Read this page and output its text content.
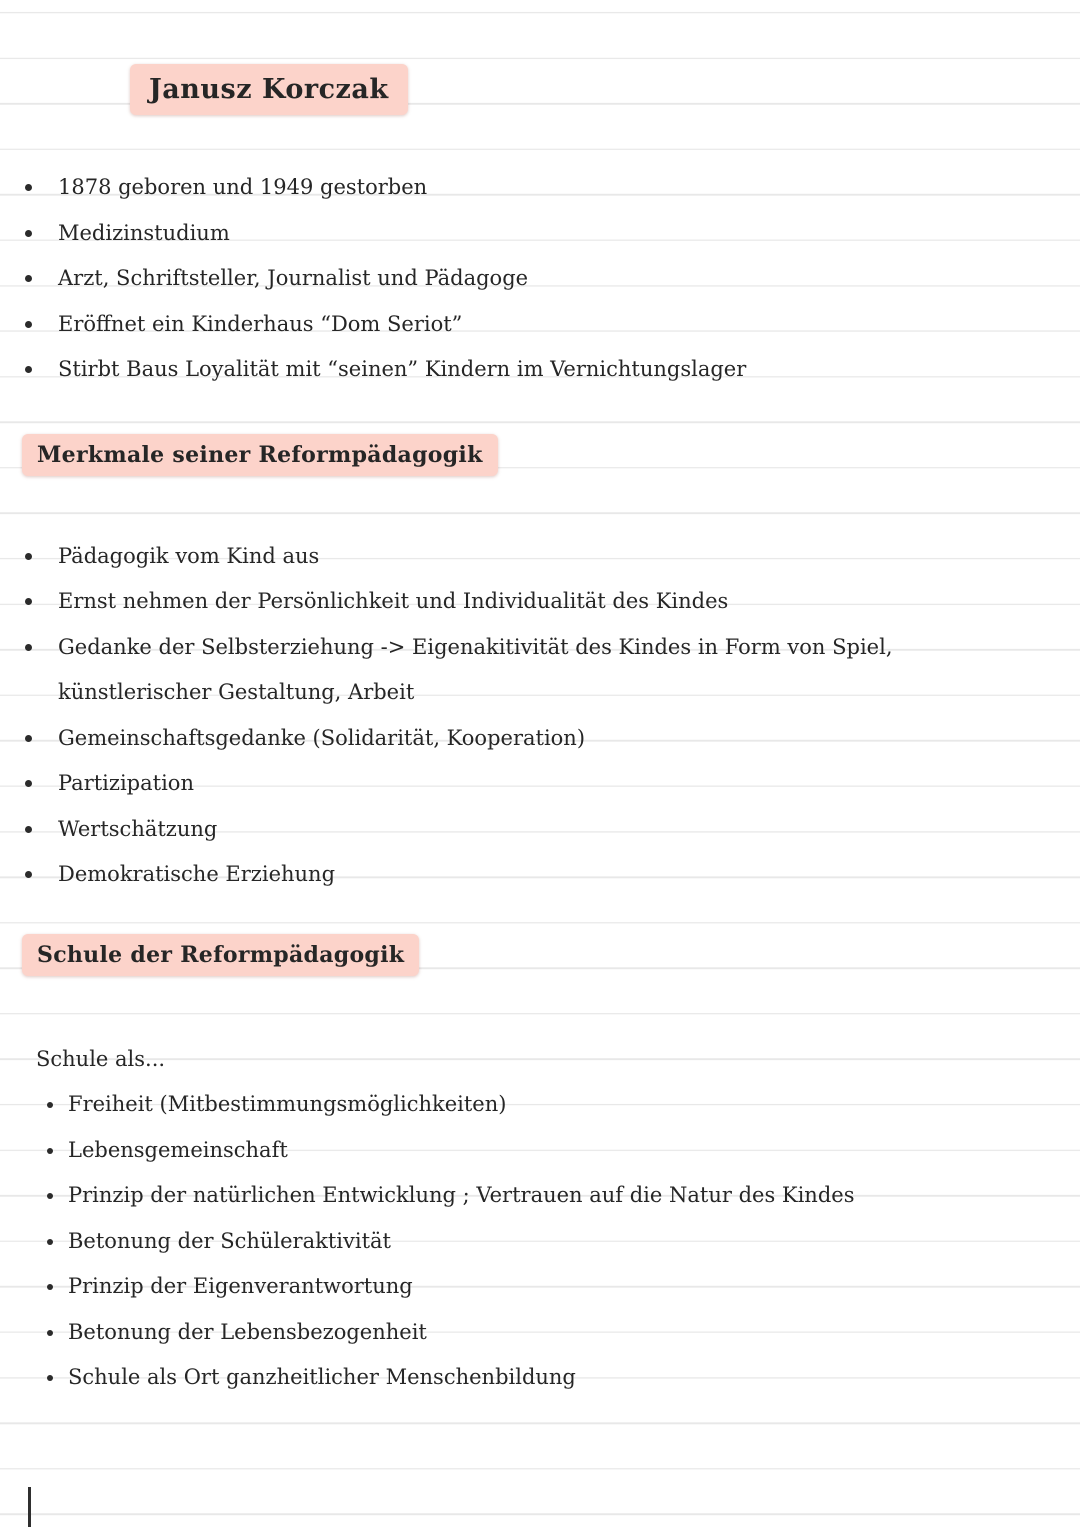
Janusz Korczak
1878 geboren und 1949 gestorben
Medizinstudium
Arzt, Schriftsteller, Journalist und Pädagoge
Eröffnet ein Kinderhaus “Dom Seriot”
Stirbt Baus Loyalität mit “seinen” Kindern im Vernichtungslager
Merkmale seiner Reformpädagogik
Pädagogik vom Kind aus
Ernst nehmen der Persönlichkeit und Individualität des Kindes
Gedanke der Selbsterziehung -> Eigenakitivität des Kindes in Form von Spiel, künstlerischer Gestaltung, Arbeit
Gemeinschaftsgedanke (Solidarität, Kooperation)
Partizipation
Wertschätzung
Demokratische Erziehung
Schule der Reformpädagogik
Schule als...
Freiheit (Mitbestimmungsmöglichkeiten)
Lebensgemeinschaft
Prinzip der natürlichen Entwicklung ; Vertrauen auf die Natur des Kindes
Betonung der Schüleraktivität
Prinzip der Eigenverantwortung
Betonung der Lebensbezogenheit
Schule als Ort ganzheitlicher Menschenbildung
